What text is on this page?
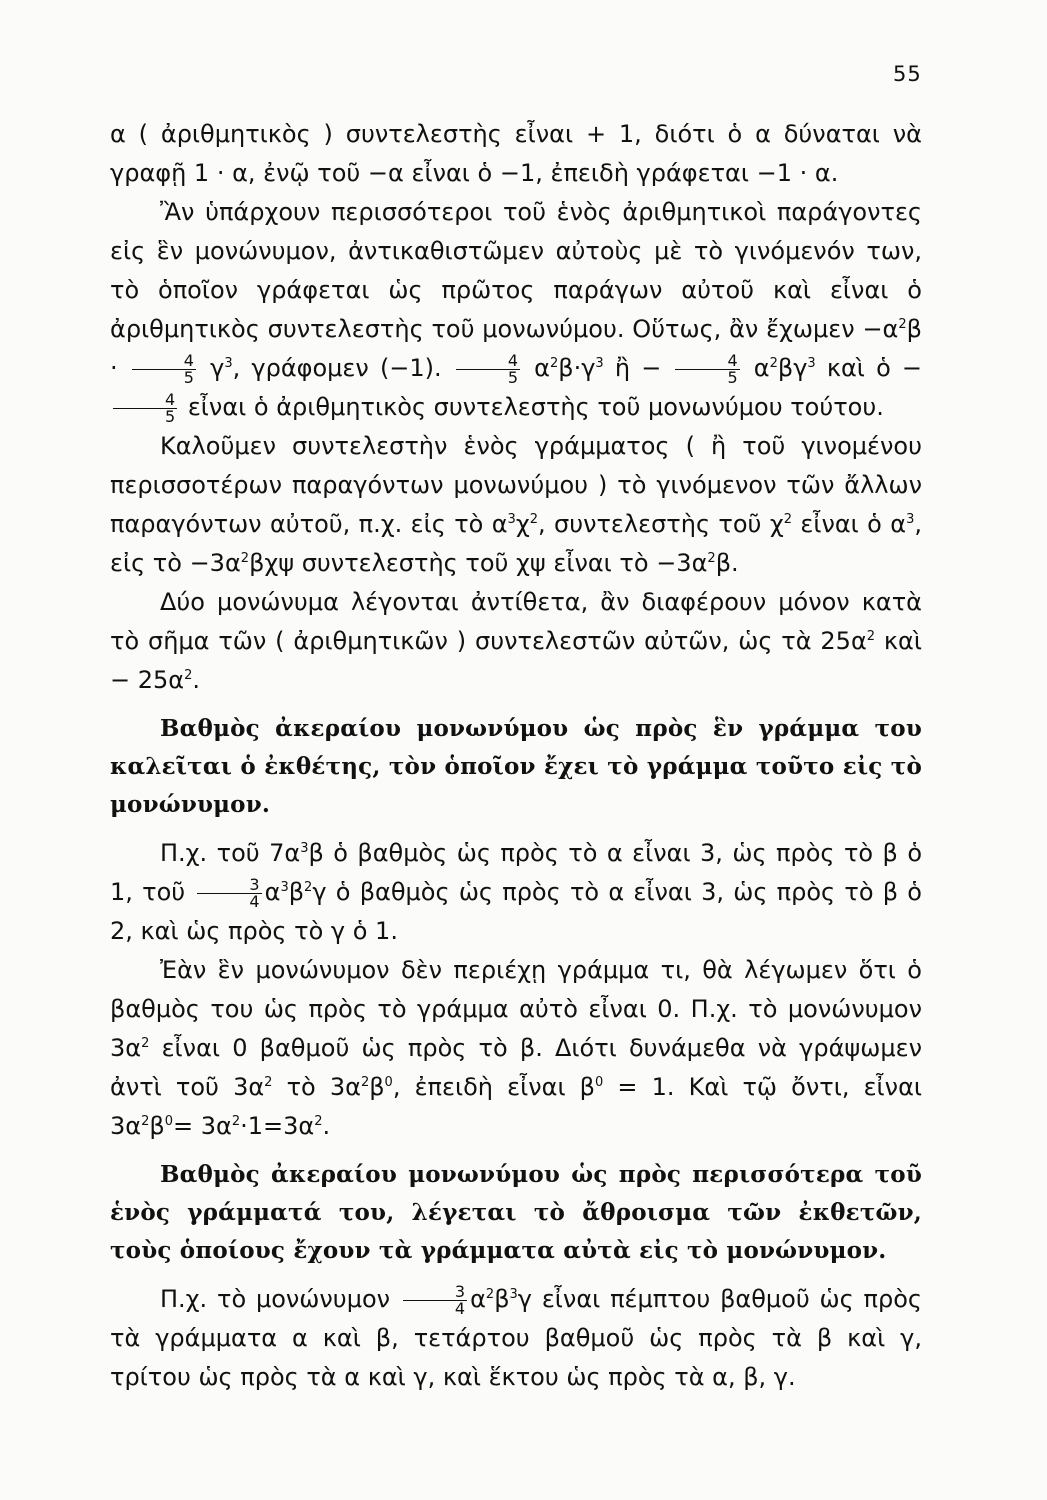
55

α ( ἀριθμητικὸς ) συντελεστὴς εἶναι + 1, διότι ὁ α δύναται νὰ γραφῇ 1 · α, ἐνῷ τοῦ −α εἶναι ὁ −1, ἐπειδὴ γράφεται −1 · α.

Ἂν ὑπάρχουν περισσότεροι τοῦ ἑνὸς ἀριθμητικοὶ παράγοντες εἰς ἓν μονώνυμον, ἀντικαθιστῶμεν αὐτοὺς μὲ τὸ γινόμενόν των, τὸ ὁποῖον γράφεται ὡς πρῶτος παράγων αὐτοῦ καὶ εἶναι ὁ ἀριθμητικὸς συντελεστὴς τοῦ μονωνύμου. Οὕτως, ἂν ἔχωμεν $-\alpha^2\beta \cdot \frac{4}{5} \gamma^3$, γράφομεν (−1). $\frac{4}{5} \alpha^2\beta\cdot\gamma^3$ ἢ − $\frac{4}{5} \alpha^2\beta\gamma^3$ καὶ ὁ −
$\frac{4}{5}$ εἶναι ὁ ἀριθμητικὸς συντελεστὴς τοῦ μονωνύμου τούτου.

Καλοῦμεν συντελεστὴν ἑνὸς γράμματος ( ἢ τοῦ γινομένου περισσοτέρων παραγόντων μονωνύμου ) τὸ γινόμενον τῶν ἄλλων παραγόντων αὐτοῦ, π.χ. εἰς τὸ $\alpha^3\chi^2$, συντελεστὴς τοῦ $\chi^2$ εἶναι ὁ $\alpha^3$, εἰς τὸ $-3\alpha^2\beta\chi\psi$ συντελεστὴς τοῦ χψ εἶναι τὸ $-3\alpha^2\beta$.

Δύο μονώνυμα λέγονται ἀντίθετα, ἂν διαφέρουν μόνον κατὰ τὸ σῆμα τῶν ( ἀριθμητικῶν ) συντελεστῶν αὐτῶν, ὡς τὰ $25\alpha^2$ καὶ − $25\alpha^2$.

Βαθμὸς ἀκεραίου μονωνύμου ὡς πρὸς ἓν γράμμα του καλεῖται ὁ ἐκθέτης, τὸν ὁποῖον ἔχει τὸ γράμμα τοῦτο εἰς τὸ μονώνυμον.

Π.χ. τοῦ $7\alpha^3\beta$ ὁ βαθμὸς ὡς πρὸς τὸ α εἶναι 3, ὡς πρὸς τὸ β ὁ 1, τοῦ $\frac{3}{4} \alpha^3\beta^2\gamma$ ὁ βαθμὸς ὡς πρὸς τὸ α εἶναι 3, ὡς πρὸς τὸ β ὁ 2, καὶ ὡς πρὸς τὸ γ ὁ 1.

Ἐὰν ἓν μονώνυμον δὲν περιέχῃ γράμμα τι, θὰ λέγωμεν ὅτι ὁ βαθμὸς του ὡς πρὸς τὸ γράμμα αὐτὸ εἶναι 0. Π.χ. τὸ μονώνυμον $3\alpha^2$ εἶναι 0 βαθμοῦ ὡς πρὸς τὸ β. Διότι δυνάμεθα νὰ γράψωμεν ἀντὶ τοῦ $3\alpha^2$ τὸ $3\alpha^2\beta^0$, ἐπειδὴ εἶναι $\beta^0 = 1$. Καὶ τῷ ὄντι, εἶναι $3\alpha^2\beta^0= 3\alpha^2\cdot 1=3\alpha^2$.

Βαθμὸς ἀκεραίου μονωνύμου ὡς πρὸς περισσότερα τοῦ ἑνὸς γράμματά του, λέγεται τὸ ἄθροισμα τῶν ἐκθετῶν, τοὺς ὁποίους ἔχουν τὰ γράμματα αὐτὰ εἰς τὸ μονώνυμον.

Π.χ. τὸ μονώνυμον $\frac{3}{4} \alpha^2\beta^3\gamma$ εἶναι πέμπτου βαθμοῦ ὡς πρὸς τὰ γράμματα α καὶ β, τετάρτου βαθμοῦ ὡς πρὸς τὰ β καὶ γ, τρίτου ὡς πρὸς τὰ α καὶ γ, καὶ ἕκτου ὡς πρὸς τὰ α, β, γ.
